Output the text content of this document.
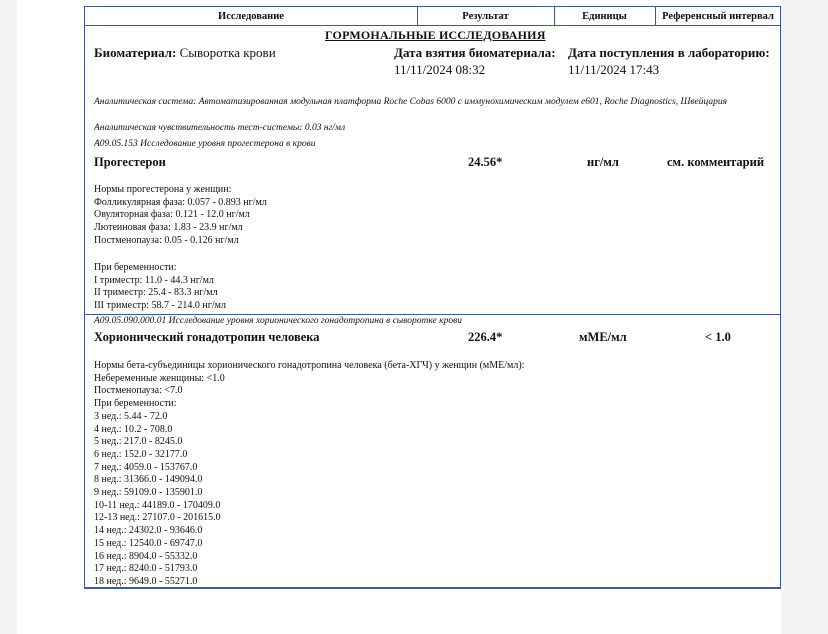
Исследование	Результат	Единицы	Референсный интервал
ГОРМОНАЛЬНЫЕ ИССЛЕДОВАНИЯ
Биоматериал: Сыворотка крови	Дата взятия биоматериала:
11/11/2024 08:32
Дата поступления в лабораторию:
11/11/2024 17:43
Аналитическая система: Автоматизированная модульная платформа Roche Cobas 6000 с иммунохимическим модулем е601, Roche Diagnostics, Швейцария
Аналитическая чувствительность тест-системы: 0.03 нг/мл
А09.05.153 Исследование уровня прогестерона в крови
Прогестерон	24.56*	нг/мл	см. комментарий
Нормы прогестерона у женщин:
Фолликулярная фаза: 0.057 - 0.893 нг/мл
Овуляторная фаза: 0.121 - 12.0 нг/мл
Лютеиновая фаза: 1.83 - 23.9 нг/мл
Постменопауза: 0.05 - 0.126 нг/мл
При беременности:
I триместр: 11.0 - 44.3 нг/мл
II триместр: 25.4 - 83.3 нг/мл
III триместр: 58.7 - 214.0 нг/мл
А09.05.090.000.01 Исследование уровня хорионического гонадотропина в сыворотке крови
Хорионический гонадотропин человека	226.4*	мМЕ/мл	< 1.0
Нормы бета-субъединицы хорионического гонадотропина человека (бета-ХГЧ) у женщин (мМЕ/мл):
Небеременные женщины: <1.0
Постменопауза: <7.0
При беременности:
3 нед.: 5.44 - 72.0
4 нед.: 10.2 - 708.0
5 нед.: 217.0 - 8245.0
6 нед.: 152.0 - 32177.0
7 нед.: 4059.0 - 153767.0
8 нед.: 31366.0 - 149094.0
9 нед.: 59109.0 - 135901.0
10-11 нед.: 44189.0 - 170409.0
12-13 нед.: 27107.0 - 201615.0
14 нед.: 24302.0 - 93646.0
15 нед.: 12540.0 - 69747.0
16 нед.: 8904.0 - 55332.0
17 нед.: 8240.0 - 51793.0
18 нед.: 9649.0 - 55271.0
